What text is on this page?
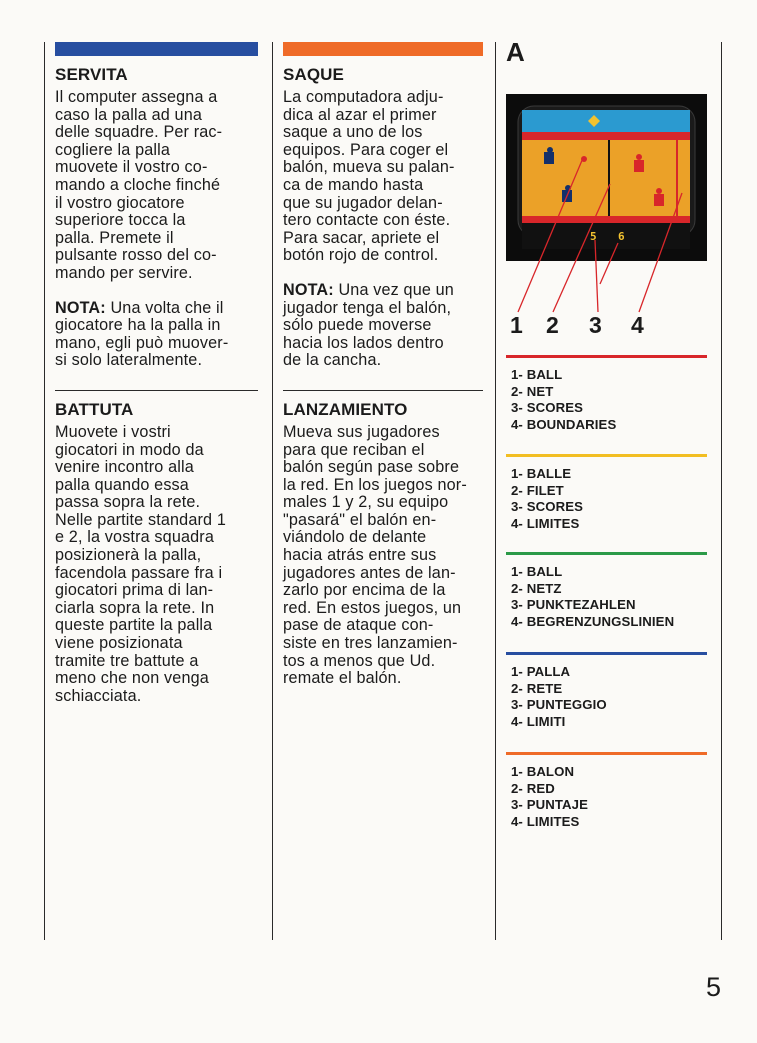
SERVITA

Il computer assegna a
caso la palla ad una
delle squadre. Per rac-
cogliere la palla
muovete il vostro co-
mando a cloche finché
il vostro giocatore
superiore tocca la
palla. Premete il
pulsante rosso del co-
mando per servire.

NOTA: Una volta che il
giocatore ha la palla in
mano, egli può muover-
si solo lateralmente.

BATTUTA

Muovete i vostri
giocatori in modo da
venire incontro alla
palla quando essa
passa sopra la rete.
Nelle partite standard 1
e 2, la vostra squadra
posizionerà la palla,
facendola passare fra i
giocatori prima di lan-
ciarla sopra la rete. In
queste partite la palla
viene posizionata
tramite tre battute a
meno che non venga
schiacciata.

SAQUE

La computadora adju-
dica al azar el primer
saque a uno de los
equipos. Para coger el
balón, mueva su palan-
ca de mando hasta
que su jugador delan-
tero contacte con éste.
Para sacar, apriete el
botón rojo de control.

NOTA: Una vez que un
jugador tenga el balón,
sólo puede moverse
hacia los lados dentro
de la cancha.

LANZAMIENTO

Mueva sus jugadores
para que reciban el
balón según pase sobre
la red. En los juegos nor-
males 1 y 2, su equipo
"pasará" el balón en-
viándolo de delante
hacia atrás entre sus
jugadores antes de lan-
zarlo por encima de la
red. En estos juegos, un
pase de ataque con-
siste en tres lanzamien-
tos a menos que Ud.
remate el balón.

A
5 6
1 2 3 4
1- BALL
2- NET
3- SCORES
4- BOUNDARIES
1- BALLE
2- FILET
3- SCORES
4- LIMITES
1- BALL
2- NETZ
3- PUNKTEZAHLEN
4- BEGRENZUNGSLINIEN
1- PALLA
2- RETE
3- PUNTEGGIO
4- LIMITI
1- BALON
2- RED
3- PUNTAJE
4- LIMITES
5
